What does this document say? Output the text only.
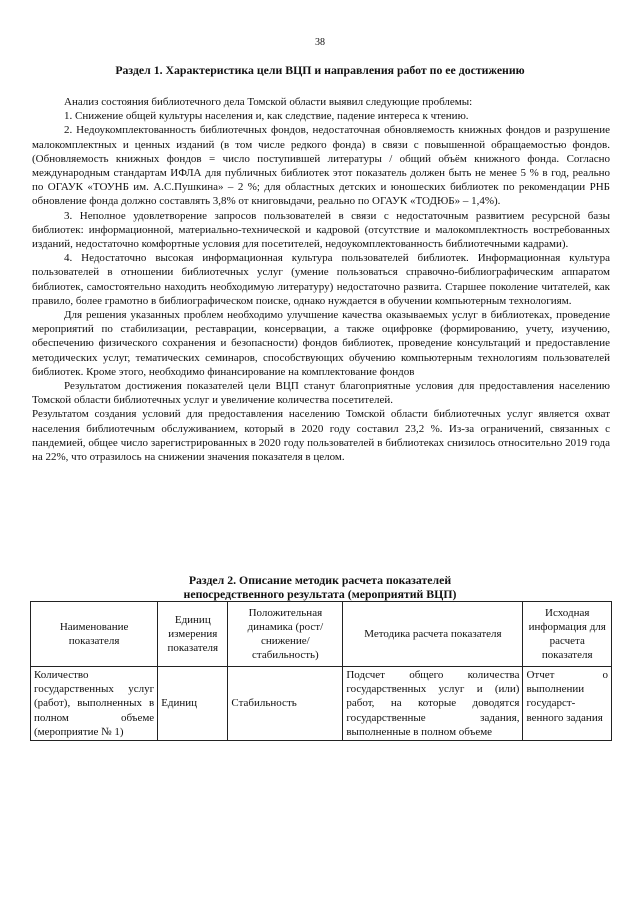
38
Раздел 1. Характеристика цели ВЦП и направления работ по ее достижению

Анализ состояния библиотечного дела Томской области выявил следующие проблемы:

1. Снижение общей культуры населения и, как следствие, падение интереса к чтению.

2. Недоукомплектованность библиотечных фондов, недостаточная обновляемость книжных фондов и разрушение малокомплектных и ценных изданий (в том числе редкого фонда) в связи с повышенной обращаемостью фондов. (Обновляемость книжных фондов = число поступившей литературы / общий объём книжного фонда. Согласно международным стандартам ИФЛА для публичных библиотек этот показатель должен быть не менее 5 % в год, реально по ОГАУК «ТОУНБ им. А.С.Пушкина» – 2 %; для областных детских и юношеских библиотек по рекомендации РНБ обновление фонда должно составлять 3,8% от книговыдачи, реально по ОГАУК «ТОДЮБ» – 1,4%).

3. Неполное удовлетворение запросов пользователей в связи с недостаточным развитием ресурсной базы библиотек: информационной, материально-технической и кадровой (отсутствие и малокомплектность востребованных изданий, недостаточно комфортные условия для посетителей, недоукомплектованность библиотечными кадрами).

4. Недостаточно высокая информационная культура пользователей библиотек. Информационная культура пользователей в отношении библиотечных услуг (умение пользоваться справочно-библиографическим аппаратом библиотек, самостоятельно находить необходимую литературу) недостаточно развита. Старшее поколение читателей, как правило, более грамотно в библиографическом поиске, однако нуждается в обучении компьютерным технологиям.

Для решения указанных проблем необходимо улучшение качества оказываемых услуг в библиотеках, проведение мероприятий по стабилизации, реставрации, консервации, а также оцифровке (формированию, учету, изучению, обеспечению физического сохранения и безопасности) фондов библиотек, проведение консультаций и предоставление методических услуг, тематических семинаров, способствующих обучению компьютерным технологиям пользователей библиотек. Кроме этого, необходимо финансирование на комплектование фондов

Результатом достижения показателей цели ВЦП станут благоприятные условия для предоставления населению Томской области библиотечных услуг и увеличение количества посетителей.

Результатом создания условий для предоставления населению Томской области библиотечных услуг является охват населения библиотечным обслуживанием, который в 2020 году составил 23,2 %. Из-за ограничений, связанных с пандемией, общее число зарегистрированных в 2020 году пользователей в библиотеках снизилось относительно 2019 года на 22%, что отразилось на снижении значения показателя в целом.

Раздел 2. Описание методик расчета показателей
непосредственного результата (мероприятий ВЦП)
Наименование показателя	Единиц измерения показателя	Положительная динамика (рост/снижение/ стабильность)	Методика расчета показателя	Исходная информация для расчета показателя
Количество государственных услуг (работ), выполненных в полном объеме (мероприятие № 1)	Единиц	Стабильность	Подсчет общего количества государственных услуг и (или) работ, на которые доводятся государственные задания, выполненные в полном объеме	Отчет о выполнении государст-венного задания
